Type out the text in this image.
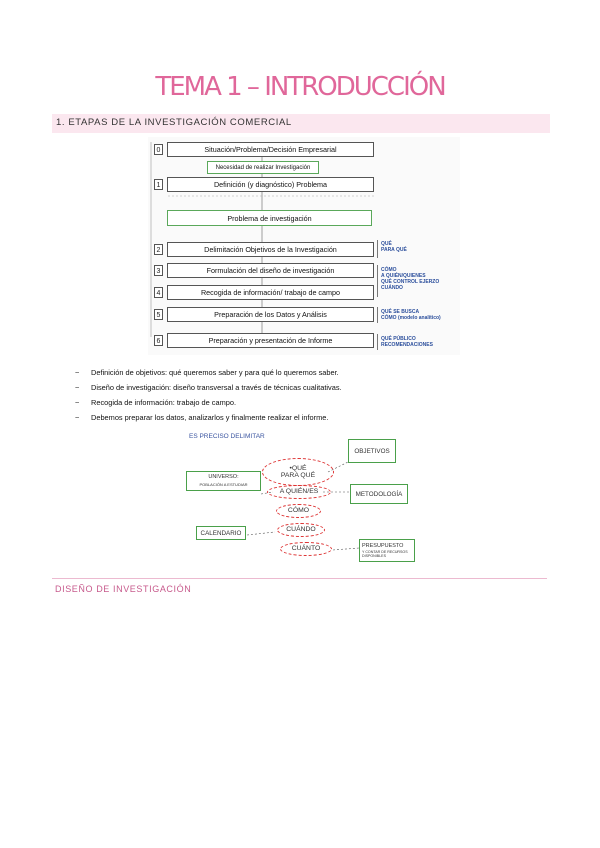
TEMA 1 – INTRODUCCIÓN
1. ETAPAS DE LA INVESTIGACIÓN COMERCIAL
0	Situación/Problema/Decisión Empresarial
Necesidad de realizar Investigación
1	Definición (y diagnóstico) Problema
Problema de investigación
2	Delimitación Objetivos de la Investigación
3	Formulación del diseño de investigación
4	Recogida de información/ trabajo de campo
5	Preparación de los Datos y Análisis
6	Preparación y presentación de Informe
QUÉ
PARA QUÉ
CÓMO
A QUIÉN/QUIENES
QUÉ CONTROL EJERZO
CUÁNDO
QUÉ SE BUSCA
CÓMO (modelo analítico)
QUÉ PÚBLICO
RECOMENDACIONES
~	Definición de objetivos: qué queremos saber y para qué lo queremos saber.
~	Diseño de investigación: diseño transversal a través de técnicas cualitativas.
~	Recogida de información: trabajo de campo.
~	Debemos preparar los datos, analizarlos y finalmente realizar el informe.
ES PRECISO DELIMITAR
OBJETIVOS
•QUÉ
PARA QUÉ
UNIVERSO:
POBLACIÓN A ESTUDIAR
A QUIÉN/ES	METODOLOGÍA
CÓMO
CUÁNDO
CALENDARIO
CUÁNTO	PRESUPUESTO
Y CONTAR DE RECURSOS
DISPONIBLES
DISEÑO DE INVESTIGACIÓN
